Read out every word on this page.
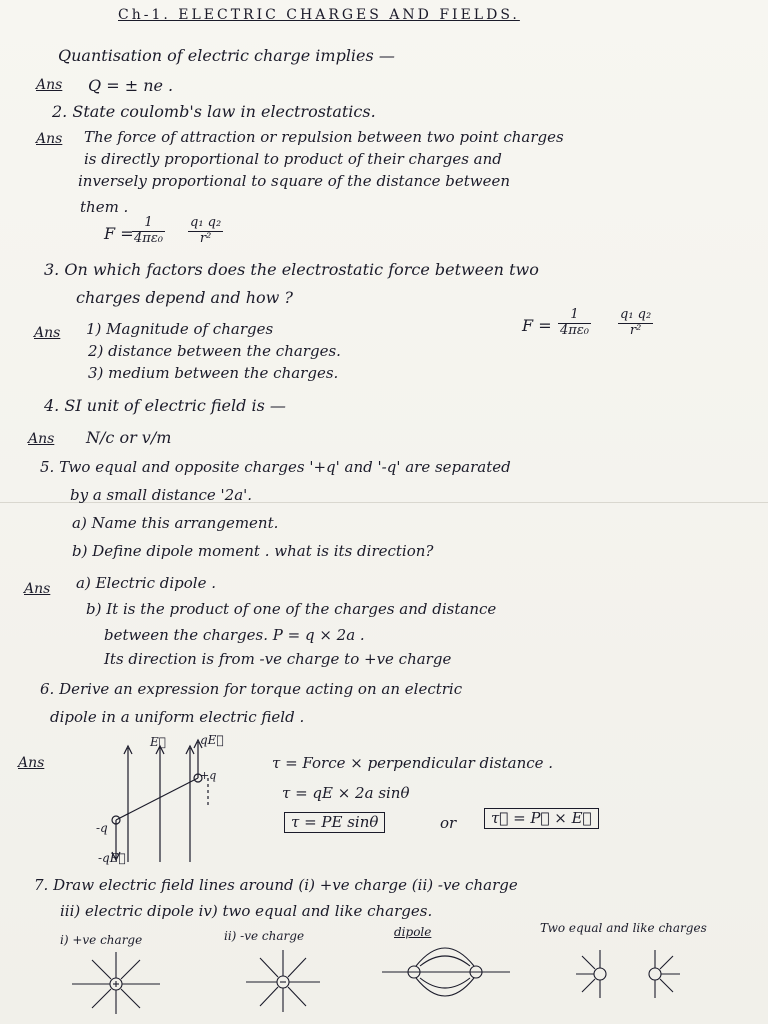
Ch-1. ELECTRIC CHARGES AND FIELDS.
Quantisation of electric charge implies —
Ans Q = ± ne .
2. State coulomb's law in electrostatics.
Ans The force of attraction or repulsion between two point charges
is directly proportional to product of their charges and
inversely proportional to square of the distance between
them .
F =
$\frac{1}{\text{4πε₀}} \frac{\text{q₁ q₂}}{\text{r²}}$
3. On which factors does the electrostatic force between two
charges depend and how ?
Ans 1) Magnitude of charges
2) distance between the charges.
3) medium between the charges.
$F = \frac{1}{\text{4πε₀}} \frac{\text{q₁ q₂}}{\text{r²}}$
4. SI unit of electric field is —
Ans N/c or v/m
5. Two equal and opposite charges '+q' and '-q' are separated
by a small distance '2a'.
a) Name this arrangement.
b) Define dipole moment . what is its direction?
Ans a) Electric dipole .
b) It is the product of one of the charges and distance
between the charges. P = q × 2a .
Its direction is from -ve charge to +ve charge
6. Derive an expression for torque acting on an electric
dipole in a uniform electric field .
Ans
E⃗	qE⃗
+q
-q
-qE⃗
τ = Force × perpendicular distance .
τ = qE × 2a sinθ
τ = PE sinθ	or	τ⃗ = P⃗ × E⃗
7. Draw electric field lines around (i) +ve charge (ii) -ve charge
iii) electric dipole iv) two equal and like charges.
i) +ve charge	ii) -ve charge	dipole	Two equal and like charges
